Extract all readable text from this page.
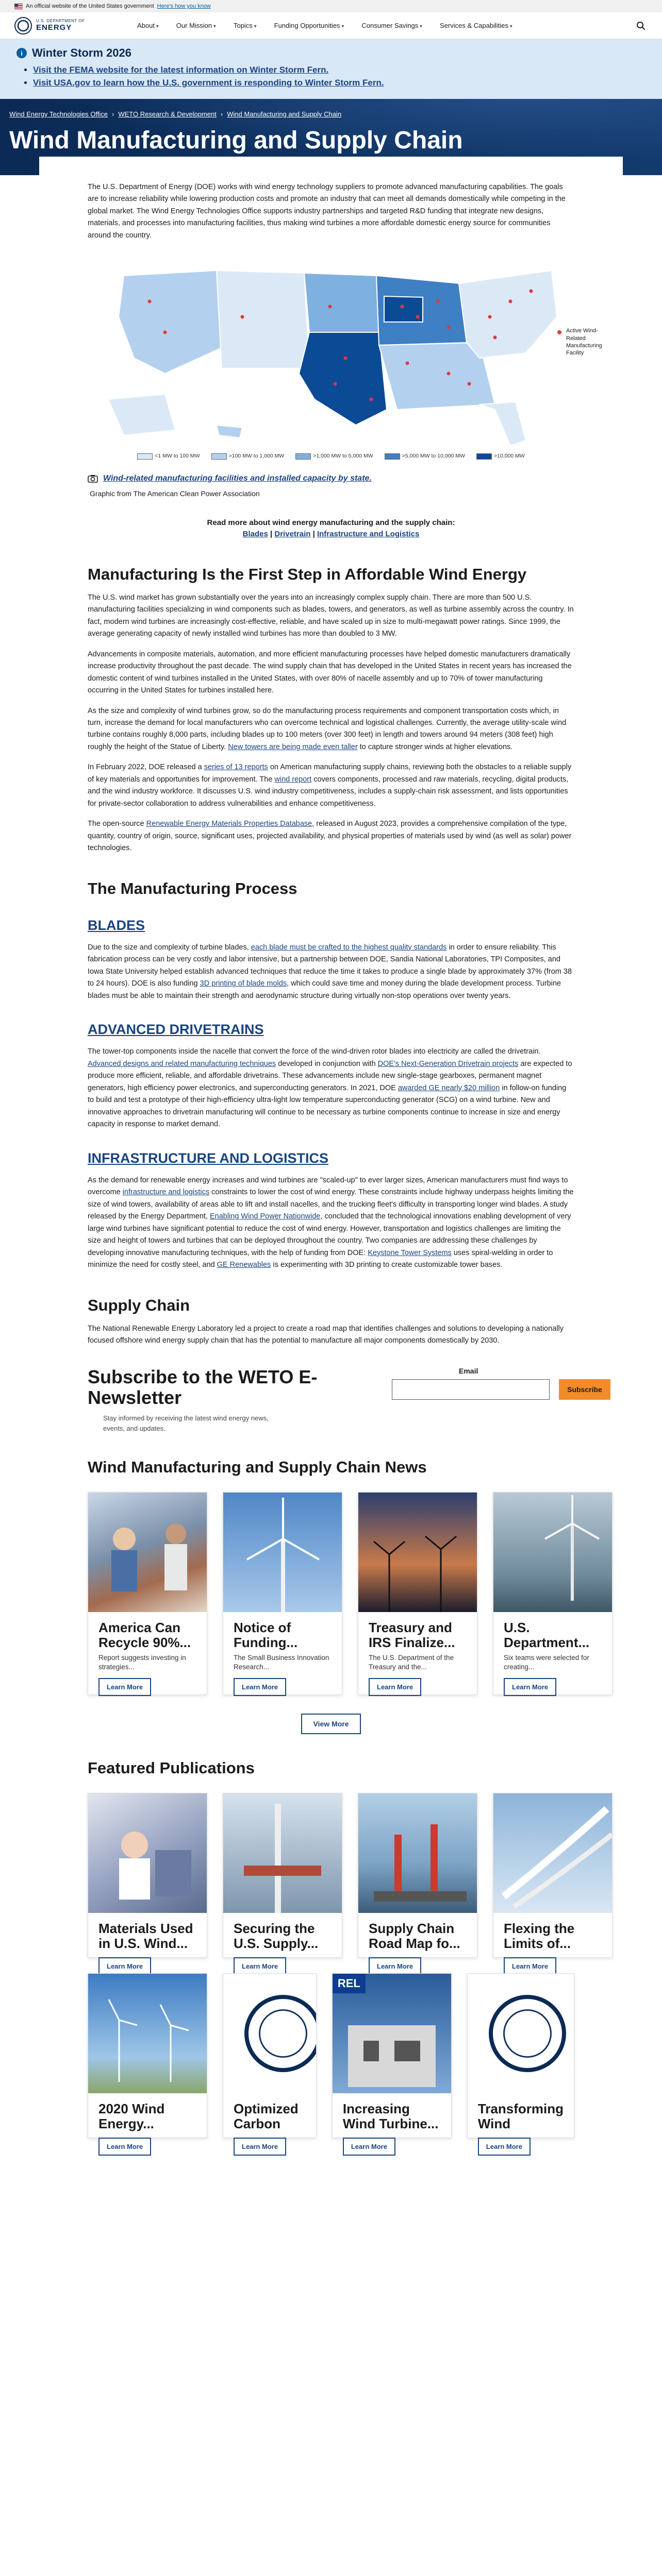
An official website of the United States government Here's how you know
U.S. DEPARTMENT OF
ENERGY	About ▾	Our Mission ▾	Topics ▾	Funding Opportunities ▾	Consumer Savings ▾	Services & Capabilities ▾
i Winter Storm 2026
• Visit the FEMA website for the latest information on Winter Storm Fern.
• Visit USA.gov to learn how the U.S. government is responding to Winter Storm Fern.
Wind Energy Technologies Office › WETO Research & Development › Wind Manufacturing and Supply Chain
Wind Manufacturing and Supply Chain

The U.S. Department of Energy (DOE) works with wind energy technology suppliers to promote advanced manufacturing capabilities. The goals are to increase reliability while lowering production costs and promote an industry that can meet all demands domestically while competing in the global market. The Wind Energy Technologies Office supports industry partnerships and targeted R&D funding that integrate new designs, materials, and processes into manufacturing facilities, thus making wind turbines a more affordable domestic energy source for communities around the country.

Active Wind-Related Manufacturing Facility
<1 MW to 100 MW	>100 MW to 1,000 MW	>1,000 MW to 5,000 MW	>5,000 MW to 10,000 MW	>10,000 MW
Wind-related manufacturing facilities and installed capacity by state.
Graphic from The American Clean Power Association
Read more about wind energy manufacturing and the supply chain:
Blades | Drivetrain | Infrastructure and Logistics
Manufacturing Is the First Step in Affordable Wind Energy

The U.S. wind market has grown substantially over the years into an increasingly complex supply chain. There are more than 500 U.S. manufacturing facilities specializing in wind components such as blades, towers, and generators, as well as turbine assembly across the country. In fact, modern wind turbines are increasingly cost-effective, reliable, and have scaled up in size to multi-megawatt power ratings. Since 1999, the average generating capacity of newly installed wind turbines has more than doubled to 3 MW.

Advancements in composite materials, automation, and more efficient manufacturing processes have helped domestic manufacturers dramatically increase productivity throughout the past decade. The wind supply chain that has developed in the United States in recent years has increased the domestic content of wind turbines installed in the United States, with over 80% of nacelle assembly and up to 70% of tower manufacturing occurring in the United States for turbines installed here.

As the size and complexity of wind turbines grow, so do the manufacturing process requirements and component transportation costs which, in turn, increase the demand for local manufacturers who can overcome technical and logistical challenges. Currently, the average utility-scale wind turbine contains roughly 8,000 parts, including blades up to 100 meters (over 300 feet) in length and towers around 94 meters (308 feet) high roughly the height of the Statue of Liberty. New towers are being made even taller to capture stronger winds at higher elevations.

In February 2022, DOE released a series of 13 reports on American manufacturing supply chains, reviewing both the obstacles to a reliable supply of key materials and opportunities for improvement. The wind report covers components, processed and raw materials, recycling, digital products, and the wind industry workforce. It discusses U.S. wind industry competitiveness, includes a supply-chain risk assessment, and lists opportunities for private-sector collaboration to address vulnerabilities and enhance competitiveness.

The open-source Renewable Energy Materials Properties Database, released in August 2023, provides a comprehensive compilation of the type, quantity, country of origin, source, significant uses, projected availability, and physical properties of materials used by wind (as well as solar) power technologies.

The Manufacturing Process
BLADES

Due to the size and complexity of turbine blades, each blade must be crafted to the highest quality standards in order to ensure reliability. This fabrication process can be very costly and labor intensive, but a partnership between DOE, Sandia National Laboratories, TPI Composites, and Iowa State University helped establish advanced techniques that reduce the time it takes to produce a single blade by approximately 37% (from 38 to 24 hours). DOE is also funding 3D printing of blade molds, which could save time and money during the blade development process. Turbine blades must be able to maintain their strength and aerodynamic structure during virtually non-stop operations over twenty years.

ADVANCED DRIVETRAINS

The tower-top components inside the nacelle that convert the force of the wind-driven rotor blades into electricity are called the drivetrain. Advanced designs and related manufacturing techniques developed in conjunction with DOE's Next-Generation Drivetrain projects are expected to produce more efficient, reliable, and affordable drivetrains. These advancements include new single-stage gearboxes, permanent magnet generators, high efficiency power electronics, and superconducting generators. In 2021, DOE awarded GE nearly $20 million in follow-on funding to build and test a prototype of their high-efficiency ultra-light low temperature superconducting generator (SCG) on a wind turbine. New and innovative approaches to drivetrain manufacturing will continue to be necessary as turbine components continue to increase in size and energy capacity in response to market demand.

INFRASTRUCTURE AND LOGISTICS

As the demand for renewable energy increases and wind turbines are "scaled-up" to ever larger sizes, American manufacturers must find ways to overcome infrastructure and logistics constraints to lower the cost of wind energy. These constraints include highway underpass heights limiting the size of wind towers, availability of areas able to lift and install nacelles, and the trucking fleet's difficulty in transporting longer wind blades. A study released by the Energy Department, Enabling Wind Power Nationwide, concluded that the technological innovations enabling development of very large wind turbines have significant potential to reduce the cost of wind energy. However, transportation and logistics challenges are limiting the size and height of towers and turbines that can be deployed throughout the country. Two companies are addressing these challenges by developing innovative manufacturing techniques, with the help of funding from DOE: Keystone Tower Systems uses spiral-welding in order to minimize the need for costly steel, and GE Renewables is experimenting with 3D printing to create customizable tower bases.

Supply Chain

The National Renewable Energy Laboratory led a project to create a road map that identifies challenges and solutions to developing a nationally focused offshore wind energy supply chain that has the potential to manufacture all major components domestically by 2030.

Subscribe to the WETO E-Newsletter
Stay informed by receiving the latest wind energy news, events, and updates.
Email
Subscribe
Wind Manufacturing and Supply Chain News
America Can Recycle 90%...

Report suggests investing in strategies...

Learn More
Notice of Funding...

The Small Business Innovation Research...

Learn More
Treasury and IRS Finalize...

The U.S. Department of the Treasury and the...

Learn More
U.S. Department...

Six teams were selected for creating...

Learn More
View More
Featured Publications
Materials Used in U.S. Wind...
Learn More
Securing the U.S. Supply...
Learn More
Supply Chain Road Map fo...
Learn More
Flexing the Limits of...
Learn More
2020 Wind Energy...
Learn More
Optimized Carbon
Learn More
REL
Increasing Wind Turbine...
Learn More
Transforming Wind
Learn More
